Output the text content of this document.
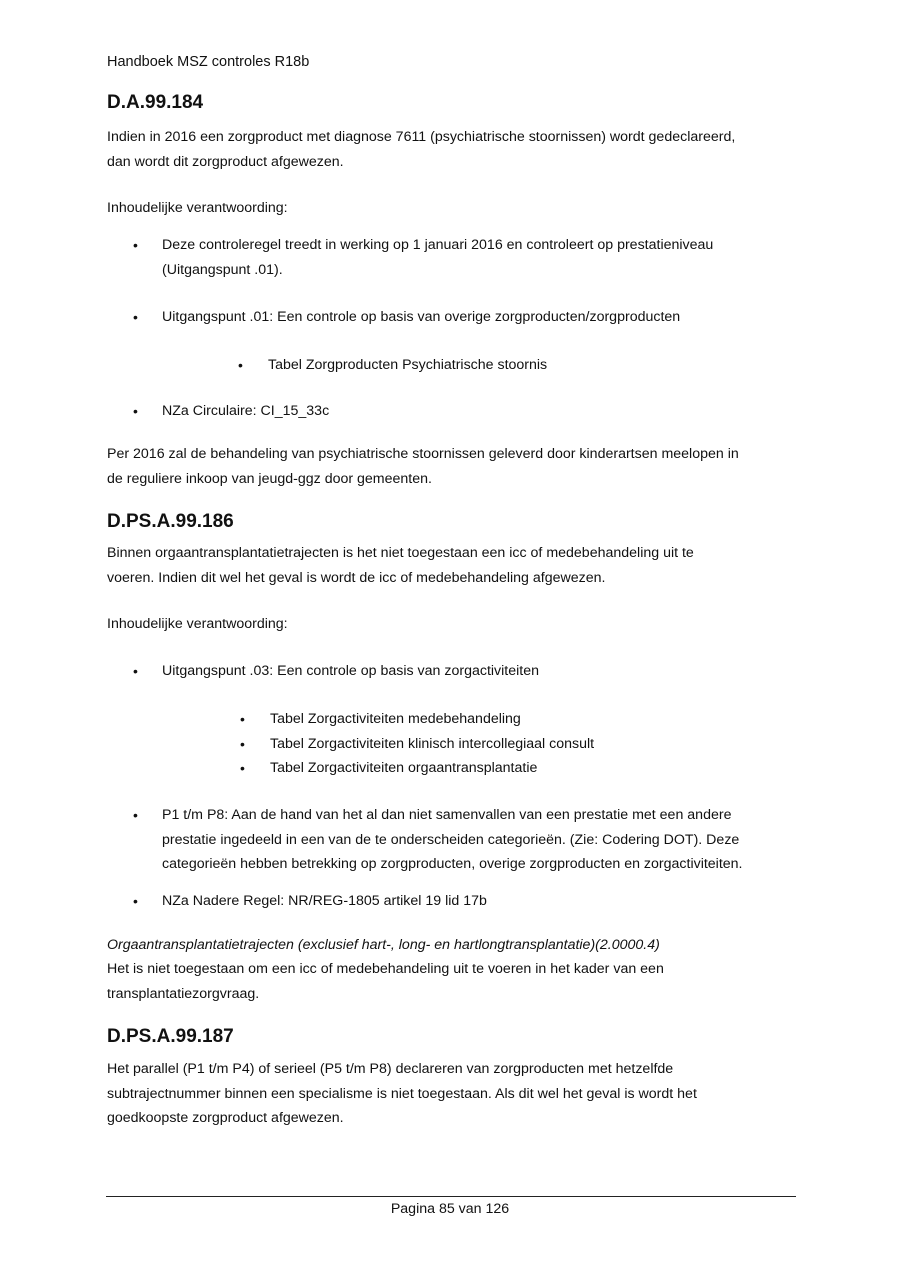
Handboek MSZ controles R18b
D.A.99.184
Indien in 2016 een zorgproduct met diagnose 7611 (psychiatrische stoornissen) wordt gedeclareerd,
dan wordt dit zorgproduct afgewezen.
Inhoudelijke verantwoording:
• Deze controleregel treedt in werking op 1 januari 2016 en controleert op prestatieniveau
(Uitgangspunt .01).
• Uitgangspunt .01: Een controle op basis van overige zorgproducten/zorgproducten
• Tabel Zorgproducten Psychiatrische stoornis
• NZa Circulaire: CI_15_33c
Per 2016 zal de behandeling van psychiatrische stoornissen geleverd door kinderartsen meelopen in
de reguliere inkoop van jeugd-ggz door gemeenten.
D.PS.A.99.186
Binnen orgaantransplantatietrajecten is het niet toegestaan een icc of medebehandeling uit te
voeren. Indien dit wel het geval is wordt de icc of medebehandeling afgewezen.
Inhoudelijke verantwoording:
• Uitgangspunt .03: Een controle op basis van zorgactiviteiten
• Tabel Zorgactiviteiten medebehandeling
• Tabel Zorgactiviteiten klinisch intercollegiaal consult
• Tabel Zorgactiviteiten orgaantransplantatie
• P1 t/m P8: Aan de hand van het al dan niet samenvallen van een prestatie met een andere
prestatie ingedeeld in een van de te onderscheiden categorieën. (Zie: Codering DOT). Deze
categorieën hebben betrekking op zorgproducten, overige zorgproducten en zorgactiviteiten.
• NZa Nadere Regel: NR/REG-1805 artikel 19 lid 17b
Orgaantransplantatietrajecten (exclusief hart-, long- en hartlongtransplantatie)(2.0000.4)
Het is niet toegestaan om een icc of medebehandeling uit te voeren in het kader van een
transplantatiezorgvraag.
D.PS.A.99.187
Het parallel (P1 t/m P4) of serieel (P5 t/m P8) declareren van zorgproducten met hetzelfde
subtrajectnummer binnen een specialisme is niet toegestaan. Als dit wel het geval is wordt het
goedkoopste zorgproduct afgewezen.
Pagina 85 van 126
